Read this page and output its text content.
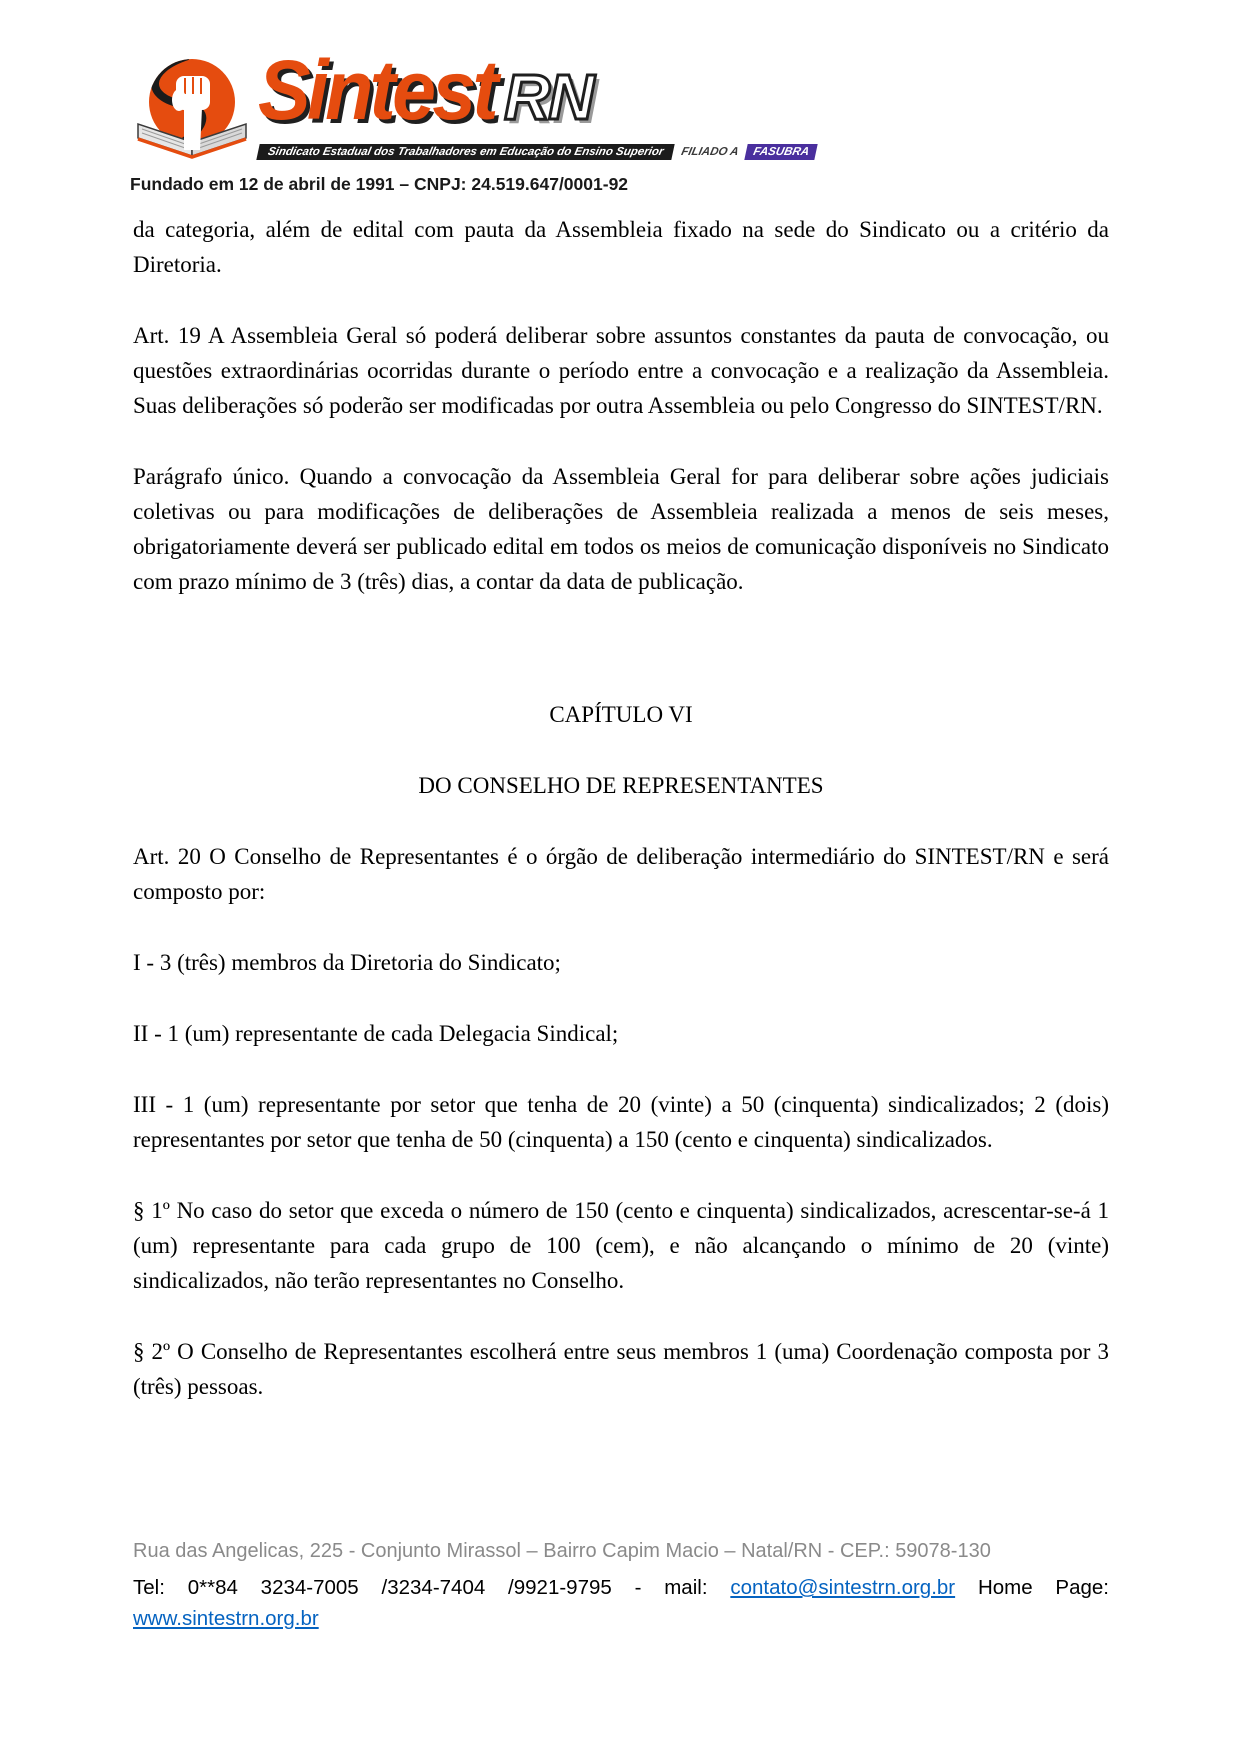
Sintest RN
Sindicato Estadual dos Trabalhadores em Educação do Ensino Superior	FILIADO A	FASUBRA
Fundado em 12 de abril de 1991 – CNPJ: 24.519.647/0001-92

da categoria, além de edital com pauta da Assembleia fixado na sede do Sindicato ou a critério da Diretoria.

Art. 19 A Assembleia Geral só poderá deliberar sobre assuntos constantes da pauta de convocação, ou questões extraordinárias ocorridas durante o período entre a convocação e a realização da Assembleia. Suas deliberações só poderão ser modificadas por outra Assembleia ou pelo Congresso do SINTEST/RN.

Parágrafo único. Quando a convocação da Assembleia Geral for para deliberar sobre ações judiciais coletivas ou para modificações de deliberações de Assembleia realizada a menos de seis meses, obrigatoriamente deverá ser publicado edital em todos os meios de comunicação disponíveis no Sindicato com prazo mínimo de 3 (três) dias, a contar da data de publicação.

CAPÍTULO VI

DO CONSELHO DE REPRESENTANTES

Art. 20 O Conselho de Representantes é o órgão de deliberação intermediário do SINTEST/RN e será composto por:

I - 3 (três) membros da Diretoria do Sindicato;

II - 1 (um) representante de cada Delegacia Sindical;

III - 1 (um) representante por setor que tenha de 20 (vinte) a 50 (cinquenta) sindicalizados; 2 (dois) representantes por setor que tenha de 50 (cinquenta) a 150 (cento e cinquenta) sindicalizados.

§ 1º No caso do setor que exceda o número de 150 (cento e cinquenta) sindicalizados, acrescentar-se-á 1 (um) representante para cada grupo de 100 (cem), e não alcançando o mínimo de 20 (vinte) sindicalizados, não terão representantes no Conselho.

§ 2º O Conselho de Representantes escolherá entre seus membros 1 (uma) Coordenação composta por 3 (três) pessoas.

Rua das Angelicas, 225 - Conjunto Mirassol – Bairro Capim Macio – Natal/RN - CEP.: 59078-130

Tel: 0**84 3234-7005 /3234-7404 /9921-9795 - mail: contato@sintestrn.org.br Home Page:

www.sintestrn.org.br
